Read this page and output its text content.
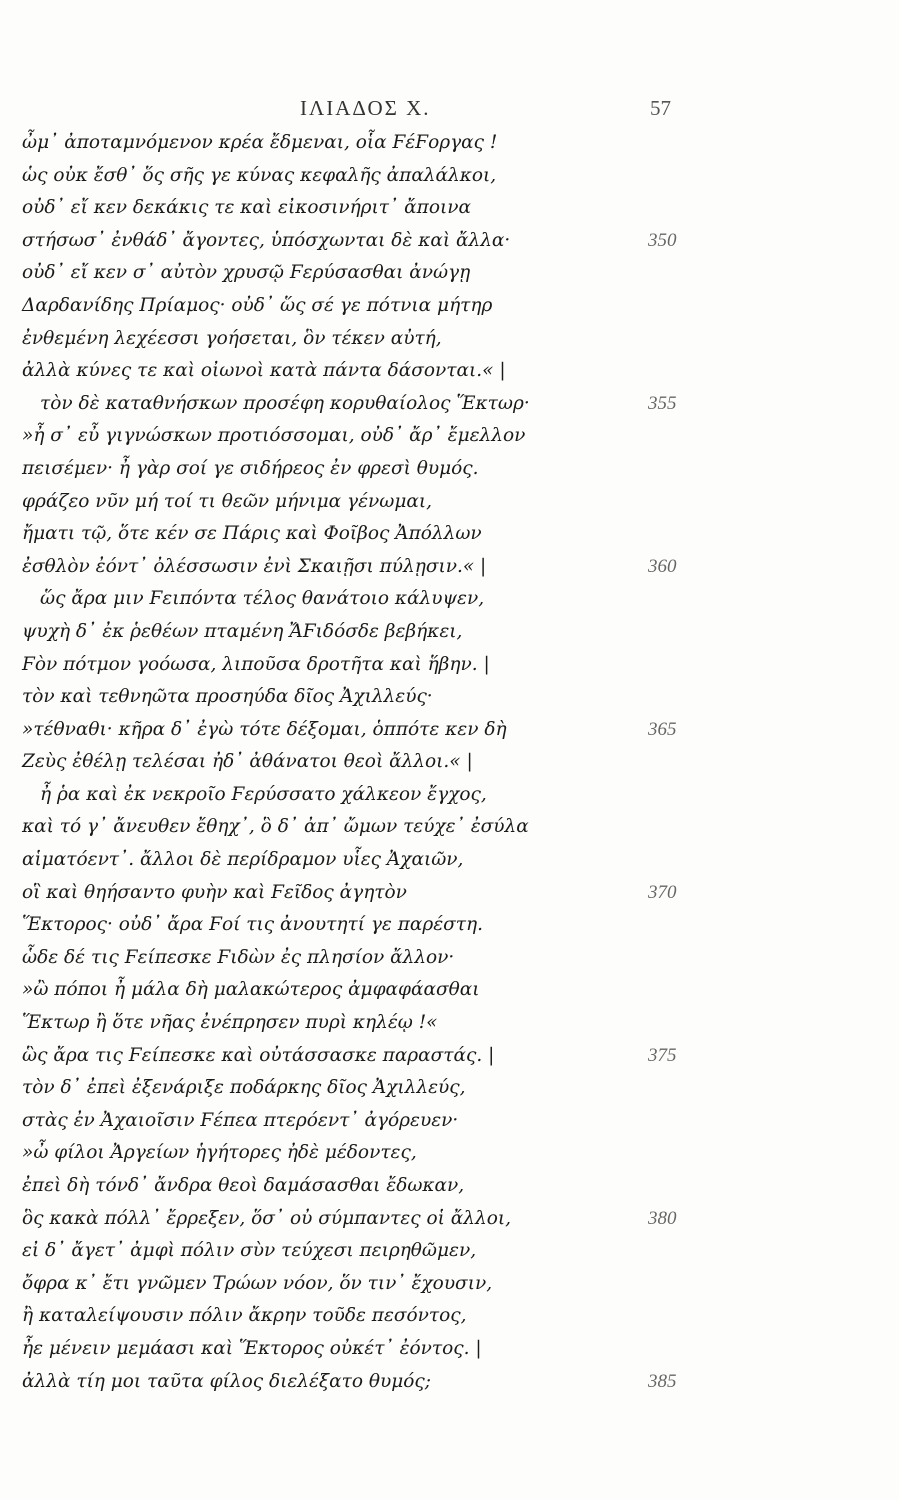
ΙΛΙΑΔΟΣ Χ.	57
ὦμ᾽ ἀποταμνόμενον κρέα ἔδμεναι, οἷα ϜέϜοργας !
ὡς οὐκ ἔσθ᾽ ὅς σῆς γε κύνας κεφαλῆς ἀπαλάλκοι,
οὐδ᾽ εἴ κεν δεκάκις τε καὶ εἰκοσινήριτ᾽ ἄποινα
στήσωσ᾽ ἐνθάδ᾽ ἄγοντες, ὑπόσχωνται δὲ καὶ ἄλλα·	350
οὐδ᾽ εἴ κεν σ᾽ αὐτὸν χρυσῷ Ϝερύσασθαι ἀνώγῃ
Δαρδανίδης Πρίαμος· οὐδ᾽ ὥς σέ γε πότνια μήτηρ
ἐνθεμένη λεχέεσσι γοήσεται, ὃν τέκεν αὐτή,
ἀλλὰ κύνες τε καὶ οἰωνοὶ κατὰ πάντα δάσονται.« |
τὸν δὲ καταθνήσκων προσέφη κορυθαίολος Ἕκτωρ·	355
»ἦ σ᾽ εὖ γιγνώσκων προτιόσσομαι, οὐδ᾽ ἄρ᾽ ἔμελλον
πεισέμεν· ἦ γὰρ σοί γε σιδήρεος ἐν φρεσὶ θυμός.
φράζεο νῦν μή τοί τι θεῶν μήνιμα γένωμαι,
ἤματι τῷ, ὅτε κέν σε Πάρις καὶ Φοῖβος Ἀπόλλων
ἐσθλὸν ἐόντ᾽ ὀλέσσωσιν ἐνὶ Σκαιῇσι πύλῃσιν.« |	360
ὥς ἄρα μιν Ϝειπόντα τέλος θανάτοιο κάλυψεν,
ψυχὴ δ᾽ ἐκ ῥεθέων πταμένη ἌϜιδόσδε βεβήκει,
Ϝὸν πότμον γοόωσα, λιποῦσα δροτῆτα καὶ ἥβην. |
τὸν καὶ τεθνηῶτα προσηύδα δῖος Ἀχιλλεύς·
»τέθναθι· κῆρα δ᾽ ἐγὼ τότε δέξομαι, ὁππότε κεν δὴ	365
Ζεὺς ἐθέλῃ τελέσαι ἠδ᾽ ἀθάνατοι θεοὶ ἄλλοι.« |
ἦ ῥα καὶ ἐκ νεκροῖο Ϝερύσσατο χάλκεον ἔγχος,
καὶ τό γ᾽ ἄνευθεν ἔθηχ᾽, ὃ δ᾽ ἀπ᾽ ὤμων τεύχε᾽ ἐσύλα
αἱματόεντ᾽. ἄλλοι δὲ περίδραμον υἷες Ἀχαιῶν,
οἳ καὶ θηήσαντο φυὴν καὶ Ϝεῖδος ἀγητὸν	370
Ἕκτορος· οὐδ᾽ ἄρα Ϝοί τις ἀνουτητί γε παρέστη.
ὧδε δέ τις Ϝείπεσκε Ϝιδὼν ἐς πλησίον ἄλλον·
»ὢ πόποι ἦ μάλα δὴ μαλακώτερος ἀμφαφάασθαι
Ἕκτωρ ἢ ὅτε νῆας ἐνέπρησεν πυρὶ κηλέῳ !«
ὣς ἄρα τις Ϝείπεσκε καὶ οὐτάσσασκε παραστάς. |	375
τὸν δ᾽ ἐπεὶ ἐξενάριξε ποδάρκης δῖος Ἀχιλλεύς,
στὰς ἐν Ἀχαιοῖσιν Ϝέπεα πτερόεντ᾽ ἀγόρευεν·
»ὦ φίλοι Ἀργείων ἡγήτορες ἠδὲ μέδοντες,
ἐπεὶ δὴ τόνδ᾽ ἄνδρα θεοὶ δαμάσασθαι ἔδωκαν,
ὃς κακὰ πόλλ᾽ ἔρρεξεν, ὅσ᾽ οὐ σύμπαντες οἱ ἄλλοι,	380
εἰ δ᾽ ἄγετ᾽ ἀμφὶ πόλιν σὺν τεύχεσι πειρηθῶμεν,
ὄφρα κ᾽ ἔτι γνῶμεν Τρώων νόον, ὅν τιν᾽ ἔχουσιν,
ἢ καταλείψουσιν πόλιν ἄκρην τοῦδε πεσόντος,
ἦε μένειν μεμάασι καὶ Ἕκτορος οὐκέτ᾽ ἐόντος. |
ἀλλὰ τίη μοι ταῦτα φίλος διελέξατο θυμός;	385
